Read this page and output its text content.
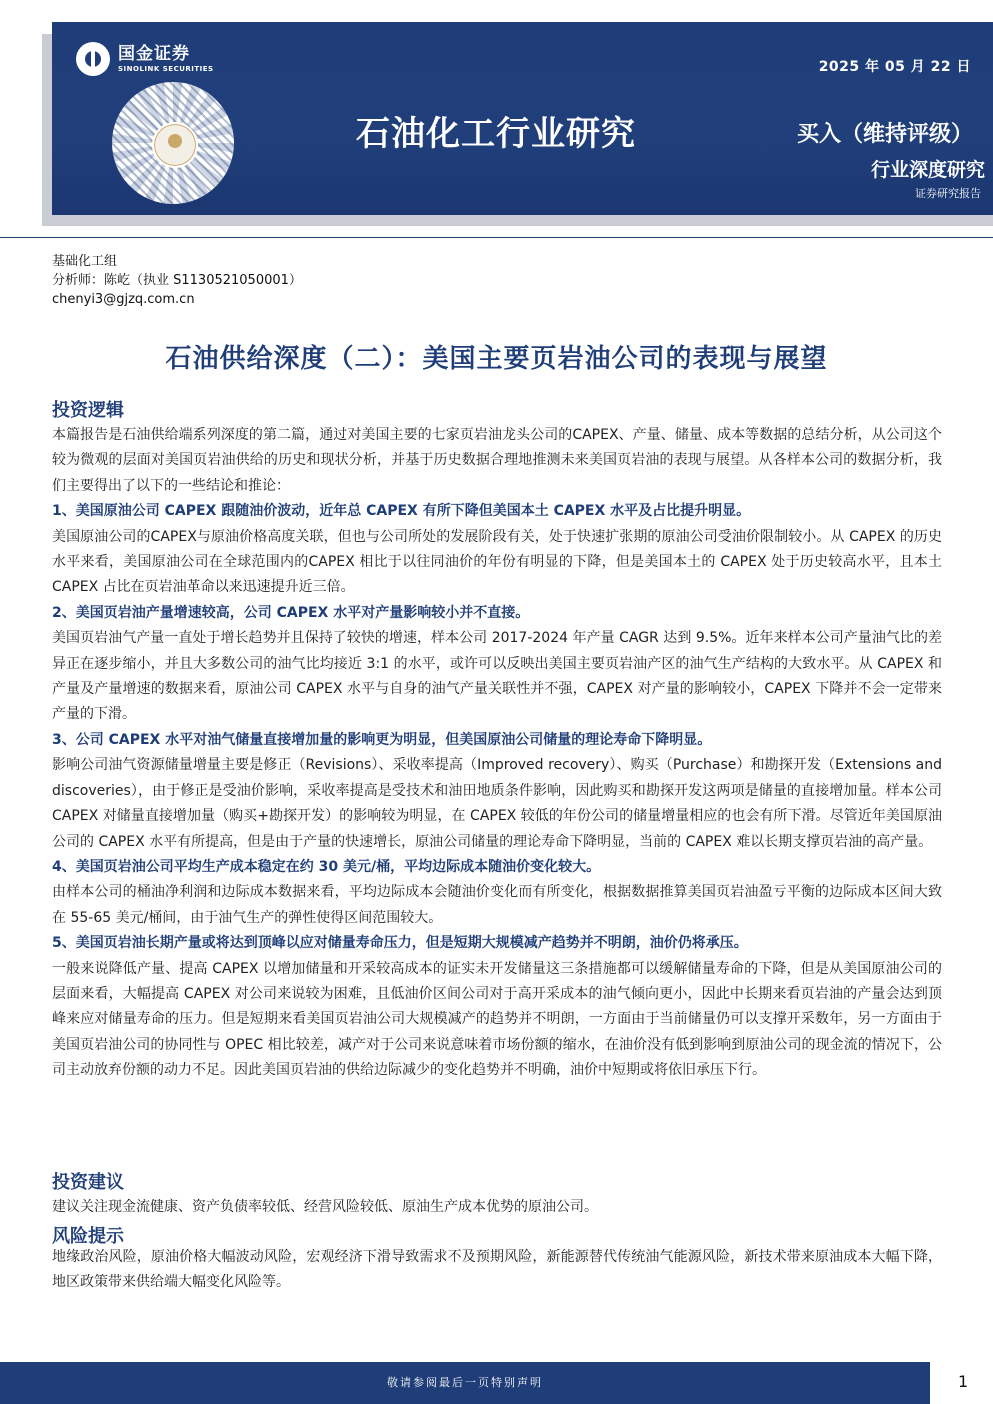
国金证券
SINOLINK SECURITIES	2025 年 05 月 22 日
石油化工行业研究	买入（维持评级）
行业深度研究
证券研究报告
基础化工组
分析师：陈屹（执业 S1130521050001）
chenyi3@gjzq.com.cn
石油供给深度（二）：美国主要页岩油公司的表现与展望
投资逻辑

本篇报告是石油供给端系列深度的第二篇，通过对美国主要的七家页岩油龙头公司的CAPEX、产量、储量、成本等数据的总结分析，从公司这个较为微观的层面对美国页岩油供给的历史和现状分析，并基于历史数据合理地推测未来美国页岩油的表现与展望。从各样本公司的数据分析，我们主要得出了以下的一些结论和推论：

1、美国原油公司 CAPEX 跟随油价波动，近年总 CAPEX 有所下降但美国本土 CAPEX 水平及占比提升明显。

美国原油公司的CAPEX与原油价格高度关联，但也与公司所处的发展阶段有关，处于快速扩张期的原油公司受油价限制较小。从 CAPEX 的历史水平来看，美国原油公司在全球范围内的CAPEX 相比于以往同油价的年份有明显的下降，但是美国本土的 CAPEX 处于历史较高水平，且本土 CAPEX 占比在页岩油革命以来迅速提升近三倍。

2、美国页岩油产量增速较高，公司 CAPEX 水平对产量影响较小并不直接。

美国页岩油气产量一直处于增长趋势并且保持了较快的增速，样本公司 2017-2024 年产量 CAGR 达到 9.5%。近年来样本公司产量油气比的差异正在逐步缩小，并且大多数公司的油气比均接近 3:1 的水平，或许可以反映出美国主要页岩油产区的油气生产结构的大致水平。从 CAPEX 和产量及产量增速的数据来看，原油公司 CAPEX 水平与自身的油气产量关联性并不强，CAPEX 对产量的影响较小，CAPEX 下降并不会一定带来产量的下滑。

3、公司 CAPEX 水平对油气储量直接增加量的影响更为明显，但美国原油公司储量的理论寿命下降明显。

影响公司油气资源储量增量主要是修正（Revisions）、采收率提高（Improved recovery）、购买（Purchase）和勘探开发（Extensions and discoveries），由于修正是受油价影响，采收率提高是受技术和油田地质条件影响，因此购买和勘探开发这两项是储量的直接增加量。样本公司 CAPEX 对储量直接增加量（购买+勘探开发）的影响较为明显，在 CAPEX 较低的年份公司的储量增量相应的也会有所下滑。尽管近年美国原油公司的 CAPEX 水平有所提高，但是由于产量的快速增长，原油公司储量的理论寿命下降明显，当前的 CAPEX 难以长期支撑页岩油的高产量。

4、美国页岩油公司平均生产成本稳定在约 30 美元/桶，平均边际成本随油价变化较大。

由样本公司的桶油净利润和边际成本数据来看，平均边际成本会随油价变化而有所变化，根据数据推算美国页岩油盈亏平衡的边际成本区间大致在 55-65 美元/桶间，由于油气生产的弹性使得区间范围较大。

5、美国页岩油长期产量或将达到顶峰以应对储量寿命压力，但是短期大规模减产趋势并不明朗，油价仍将承压。

一般来说降低产量、提高 CAPEX 以增加储量和开采较高成本的证实未开发储量这三条措施都可以缓解储量寿命的下降，但是从美国原油公司的层面来看，大幅提高 CAPEX 对公司来说较为困难，且低油价区间公司对于高开采成本的油气倾向更小，因此中长期来看页岩油的产量会达到顶峰来应对储量寿命的压力。但是短期来看美国页岩油公司大规模减产的趋势并不明朗，一方面由于当前储量仍可以支撑开采数年，另一方面由于美国页岩油公司的协同性与 OPEC 相比较差，减产对于公司来说意味着市场份额的缩水，在油价没有低到影响到原油公司的现金流的情况下，公司主动放弃份额的动力不足。因此美国页岩油的供给边际减少的变化趋势并不明确，油价中短期或将依旧承压下行。

投资建议

建议关注现金流健康、资产负债率较低、经营风险较低、原油生产成本优势的原油公司。

风险提示

地缘政治风险，原油价格大幅波动风险，宏观经济下滑导致需求不及预期风险，新能源替代传统油气能源风险，新技术带来原油成本大幅下降，地区政策带来供给端大幅变化风险等。

敬请参阅最后一页特别声明	1
